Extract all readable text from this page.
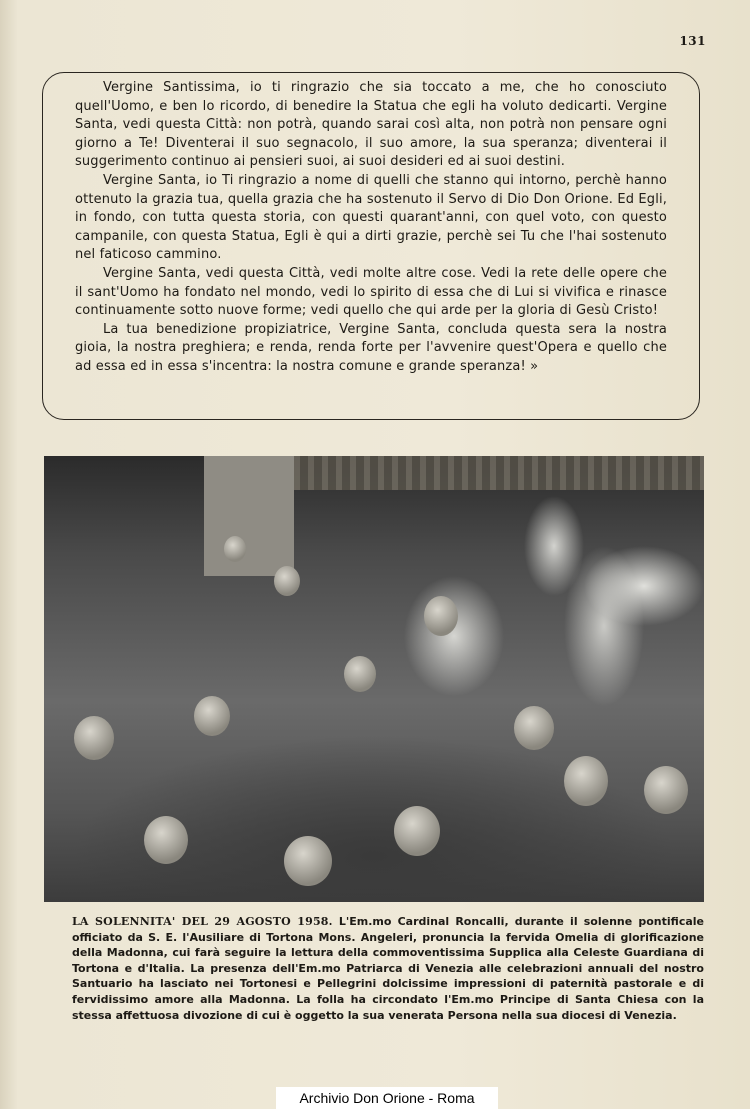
131

Vergine Santissima, io ti ringrazio che sia toccato a me, che ho conosciuto quell'Uomo, e ben lo ricordo, di benedire la Statua che egli ha voluto dedicarti. Vergine Santa, vedi questa Città: non potrà, quando sarai così alta, non potrà non pensare ogni giorno a Te! Diventerai il suo segnacolo, il suo amore, la sua speranza; diventerai il suggerimento continuo ai pensieri suoi, ai suoi desideri ed ai suoi destini.

Vergine Santa, io Ti ringrazio a nome di quelli che stanno qui intorno, perchè hanno ottenuto la grazia tua, quella grazia che ha sostenuto il Servo di Dio Don Orione. Ed Egli, in fondo, con tutta questa storia, con questi quarant'anni, con quel voto, con questo campanile, con questa Statua, Egli è qui a dirti grazie, perchè sei Tu che l'hai sostenuto nel faticoso cammino.

Vergine Santa, vedi questa Città, vedi molte altre cose. Vedi la rete delle opere che il sant'Uomo ha fondato nel mondo, vedi lo spirito di essa che di Lui si vivifica e rinasce continuamente sotto nuove forme; vedi quello che qui arde per la gloria di Gesù Cristo!

La tua benedizione propiziatrice, Vergine Santa, concluda questa sera la nostra gioia, la nostra preghiera; e renda, renda forte per l'avvenire quest'Opera e quello che ad essa ed in essa s'incentra: la nostra comune e grande speranza! »

LA SOLENNITA' DEL 29 AGOSTO 1958. L'Em.mo Cardinal Roncalli, durante il solenne pontificale officiato da S. E. l'Ausiliare di Tortona Mons. Angeleri, pronuncia la fervida Omelia di glorificazione della Madonna, cui farà seguire la lettura della commoventissima Supplica alla Celeste Guardiana di Tortona e d'Italia. La presenza dell'Em.mo Patriarca di Venezia alle celebrazioni annuali del nostro Santuario ha lasciato nei Tortonesi e Pellegrini dolcissime impressioni di paternità pastorale e di fervidissimo amore alla Madonna. La folla ha circondato l'Em.mo Principe di Santa Chiesa con la stessa affettuosa divozione di cui è oggetto la sua venerata Persona nella sua diocesi di Venezia.
Archivio Don Orione - Roma
